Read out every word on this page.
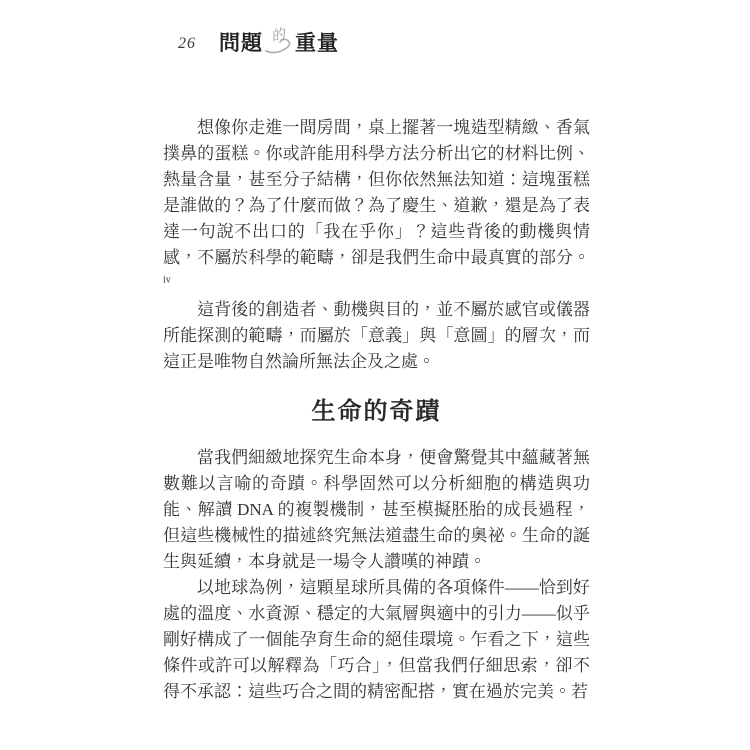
26 問題 的 重量

想像你走進一間房間，桌上擺著一塊造型精緻、香氣撲鼻的蛋糕。你或許能用科學方法分析出它的材料比例、熱量含量，甚至分子結構，但你依然無法知道：這塊蛋糕是誰做的？為了什麼而做？為了慶生、道歉，還是為了表達一句說不出口的「我在乎你」？這些背後的動機與情感，不屬於科學的範疇，卻是我們生命中最真實的部分。$^{iv}$

這背後的創造者、動機與目的，並不屬於感官或儀器所能探測的範疇，而屬於「意義」與「意圖」的層次，而這正是唯物自然論所無法企及之處。

生命的奇蹟

當我們細緻地探究生命本身，便會驚覺其中蘊藏著無數難以言喻的奇蹟。科學固然可以分析細胞的構造與功能、解讀 DNA 的複製機制，甚至模擬胚胎的成長過程，但這些機械性的描述終究無法道盡生命的奧祕。生命的誕生與延續，本身就是一場令人讚嘆的神蹟。

以地球為例，這顆星球所具備的各項條件——恰到好處的溫度、水資源、穩定的大氣層與適中的引力——似乎剛好構成了一個能孕育生命的絕佳環境。乍看之下，這些條件或許可以解釋為「巧合」，但當我們仔細思索，卻不得不承認：這些巧合之間的精密配搭，實在過於完美。若
